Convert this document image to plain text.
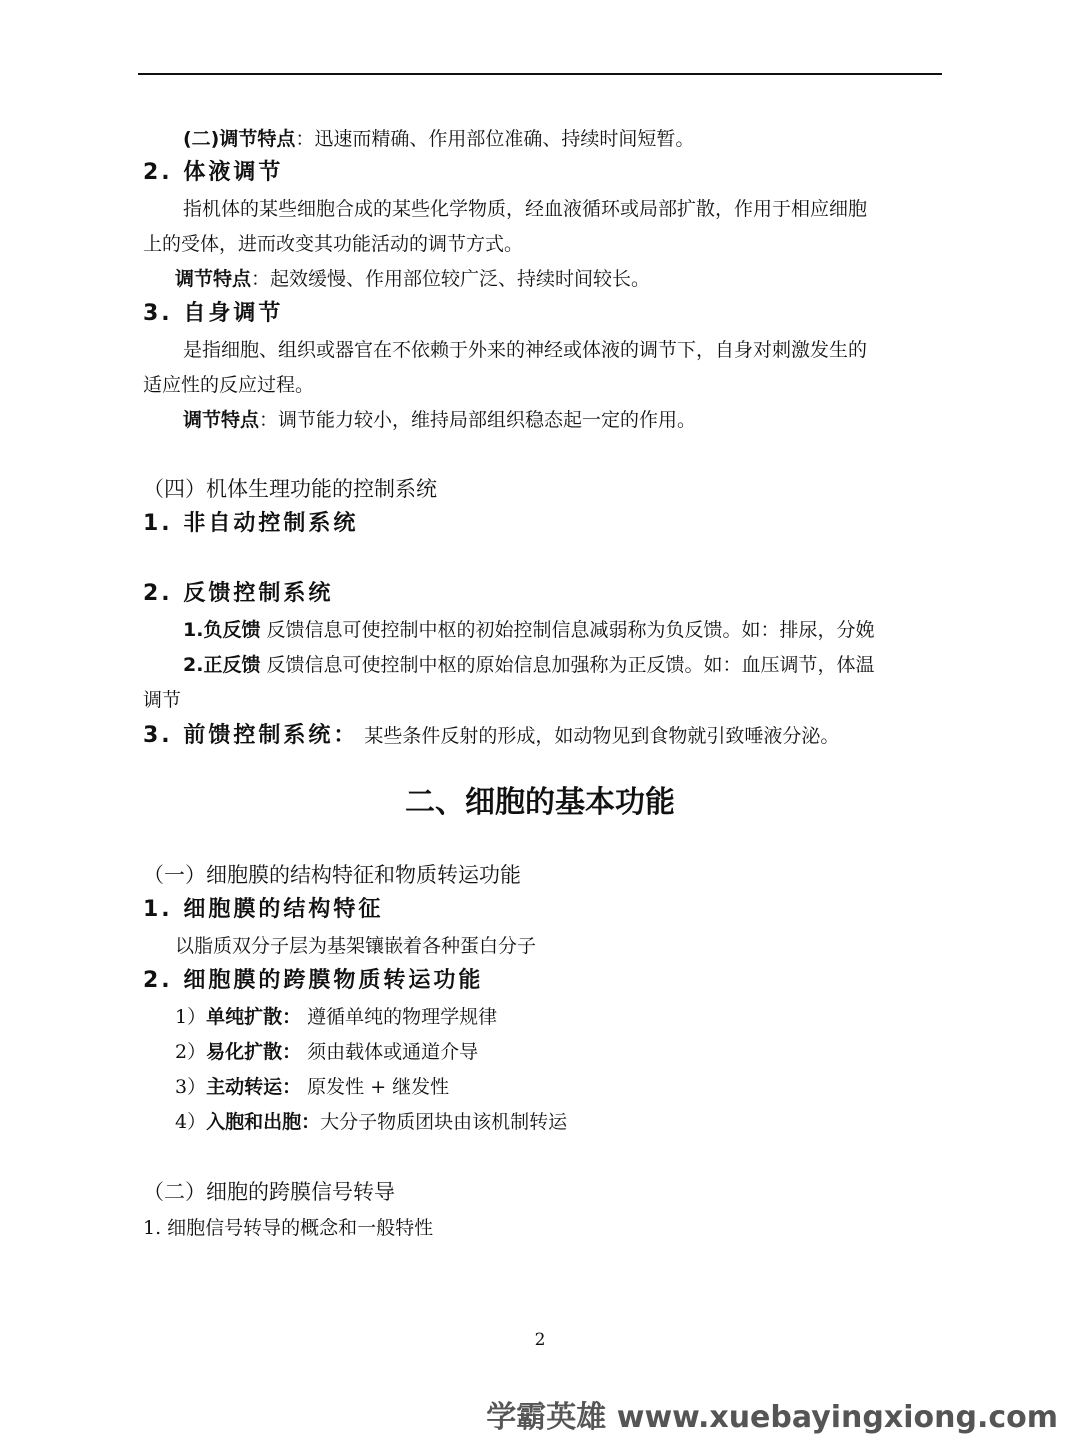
(二)调节特点：迅速而精确、作用部位准确、持续时间短暂。
2. 体液调节
指机体的某些细胞合成的某些化学物质，经血液循环或局部扩散，作用于相应细胞
上的受体，进而改变其功能活动的调节方式。
调节特点：起效缓慢、作用部位较广泛、持续时间较长。
3. 自身调节
是指细胞、组织或器官在不依赖于外来的神经或体液的调节下，自身对刺激发生的
适应性的反应过程。
调节特点：调节能力较小，维持局部组织稳态起一定的作用。
（四）机体生理功能的控制系统
1. 非自动控制系统
2. 反馈控制系统
1.负反馈 反馈信息可使控制中枢的初始控制信息减弱称为负反馈。如：排尿，分娩
2.正反馈 反馈信息可使控制中枢的原始信息加强称为正反馈。如：血压调节，体温
调节
3. 前馈控制系统： 某些条件反射的形成，如动物见到食物就引致唾液分泌。
二、细胞的基本功能
（一）细胞膜的结构特征和物质转运功能
1. 细胞膜的结构特征
以脂质双分子层为基架镶嵌着各种蛋白分子
2. 细胞膜的跨膜物质转运功能
1）单纯扩散： 遵循单纯的物理学规律
2）易化扩散： 须由载体或通道介导
3）主动转运： 原发性 + 继发性
4）入胞和出胞：大分子物质团块由该机制转运
（二）细胞的跨膜信号转导
1. 细胞信号转导的概念和一般特性
2
学霸英雄 www.xuebayingxiong.com
